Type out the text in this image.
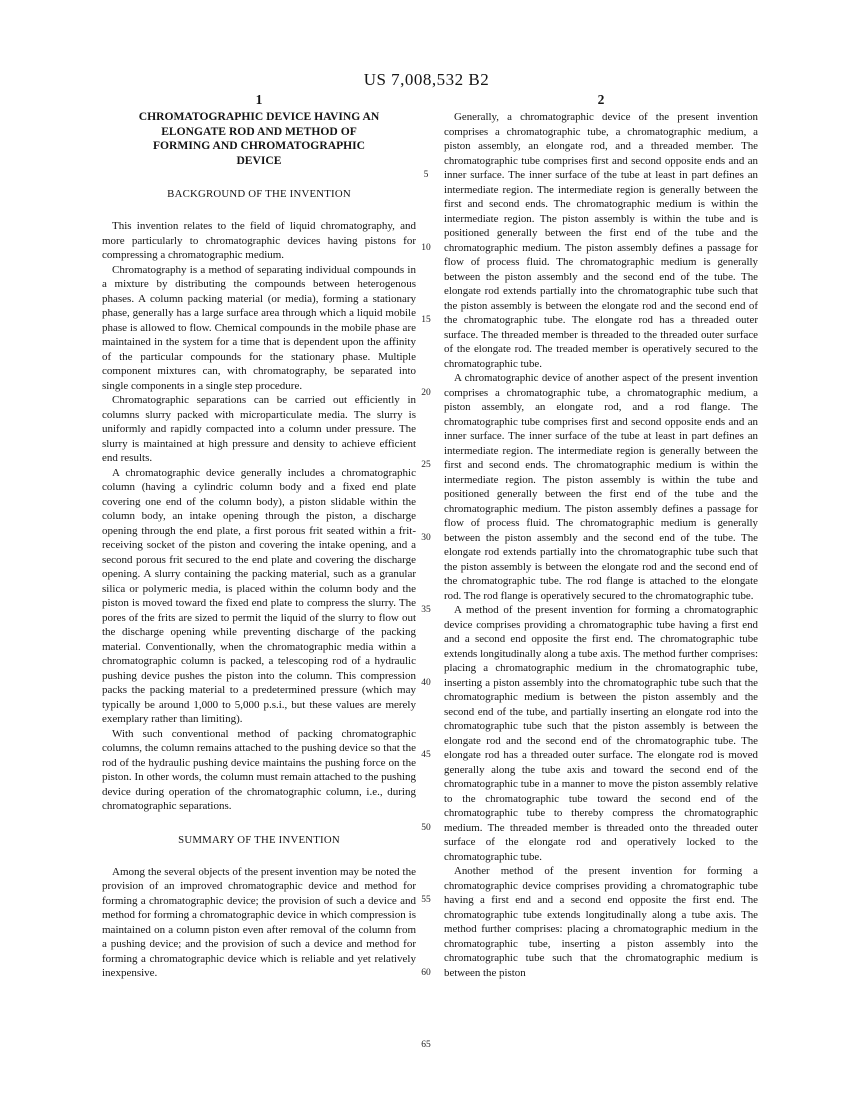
US 7,008,532 B2
1
CHROMATOGRAPHIC DEVICE HAVING AN
ELONGATE ROD AND METHOD OF
FORMING AND CHROMATOGRAPHIC
DEVICE
BACKGROUND OF THE INVENTION
This invention relates to the field of liquid chromatography, and more particularly to chromatographic devices having pistons for compressing a chromatographic medium.
Chromatography is a method of separating individual compounds in a mixture by distributing the compounds between heterogenous phases. A column packing material (or media), forming a stationary phase, generally has a large surface area through which a liquid mobile phase is allowed to flow. Chemical compounds in the mobile phase are maintained in the system for a time that is dependent upon the affinity of the particular compounds for the stationary phase. Multiple component mixtures can, with chromatography, be separated into single components in a single step procedure.
Chromatographic separations can be carried out efficiently in columns slurry packed with microparticulate media. The slurry is uniformly and rapidly compacted into a column under pressure. The slurry is maintained at high pressure and density to achieve efficient end results.
A chromatographic device generally includes a chromatographic column (having a cylindric column body and a fixed end plate covering one end of the column body), a piston slidable within the column body, an intake opening through the piston, a discharge opening through the end plate, a first porous frit seated within a frit-receiving socket of the piston and covering the intake opening, and a second porous frit secured to the end plate and covering the discharge opening. A slurry containing the packing material, such as a granular silica or polymeric media, is placed within the column body and the piston is moved toward the fixed end plate to compress the slurry. The pores of the frits are sized to permit the liquid of the slurry to flow out the discharge opening while preventing discharge of the packing material. Conventionally, when the chromatographic media within a chromatographic column is packed, a telescoping rod of a hydraulic pushing device pushes the piston into the column. This compression packs the packing material to a predetermined pressure (which may typically be around 1,000 to 5,000 p.s.i., but these values are merely exemplary rather than limiting).
With such conventional method of packing chromatographic columns, the column remains attached to the pushing device so that the rod of the hydraulic pushing device maintains the pushing force on the piston. In other words, the column must remain attached to the pushing device during operation of the chromatographic column, i.e., during chromatographic separations.
SUMMARY OF THE INVENTION
Among the several objects of the present invention may be noted the provision of an improved chromatographic device and method for forming a chromatographic device; the provision of such a device and method for forming a chromatographic device in which compression is maintained on a column piston even after removal of the column from a pushing device; and the provision of such a device and method for forming a chromatographic device which is reliable and yet relatively inexpensive.
5
10
15
20
25
30
35
40
45
50
55
60
65
2
Generally, a chromatographic device of the present invention comprises a chromatographic tube, a chromatographic medium, a piston assembly, an elongate rod, and a threaded member. The chromatographic tube comprises first and second opposite ends and an inner surface. The inner surface of the tube at least in part defines an intermediate region. The intermediate region is generally between the first and second ends. The chromatographic medium is within the intermediate region. The piston assembly is within the tube and is positioned generally between the first end of the tube and the chromatographic medium. The piston assembly defines a passage for flow of process fluid. The chromatographic medium is generally between the piston assembly and the second end of the tube. The elongate rod extends partially into the chromatographic tube such that the piston assembly is between the elongate rod and the second end of the chromatographic tube. The elongate rod has a threaded outer surface. The threaded member is threaded to the threaded outer surface of the elongate rod. The treaded member is operatively secured to the chromatographic tube.
A chromatographic device of another aspect of the present invention comprises a chromatographic tube, a chromatographic medium, a piston assembly, an elongate rod, and a rod flange. The chromatographic tube comprises first and second opposite ends and an inner surface. The inner surface of the tube at least in part defines an intermediate region. The intermediate region is generally between the first and second ends. The chromatographic medium is within the intermediate region. The piston assembly is within the tube and positioned generally between the first end of the tube and the chromatographic medium. The piston assembly defines a passage for flow of process fluid. The chromatographic medium is generally between the piston assembly and the second end of the tube. The elongate rod extends partially into the chromatographic tube such that the piston assembly is between the elongate rod and the second end of the chromatographic tube. The rod flange is attached to the elongate rod. The rod flange is operatively secured to the chromatographic tube.
A method of the present invention for forming a chromatographic device comprises providing a chromatographic tube having a first end and a second end opposite the first end. The chromatographic tube extends longitudinally along a tube axis. The method further comprises: placing a chromatographic medium in the chromatographic tube, inserting a piston assembly into the chromatographic tube such that the chromatographic medium is between the piston assembly and the second end of the tube, and partially inserting an elongate rod into the chromatographic tube such that the piston assembly is between the elongate rod and the second end of the chromatographic tube. The elongate rod has a threaded outer surface. The elongate rod is moved generally along the tube axis and toward the second end of the chromatographic tube in a manner to move the piston assembly relative to the chromatographic tube toward the second end of the chromatographic tube to thereby compress the chromatographic medium. The threaded member is threaded onto the threaded outer surface of the elongate rod and operatively locked to the chromatographic tube.
Another method of the present invention for forming a chromatographic device comprises providing a chromatographic tube having a first end and a second end opposite the first end. The chromatographic tube extends longitudinally along a tube axis. The method further comprises: placing a chromatographic medium in the chromatographic tube, inserting a piston assembly into the chromatographic tube such that the chromatographic medium is between the piston
